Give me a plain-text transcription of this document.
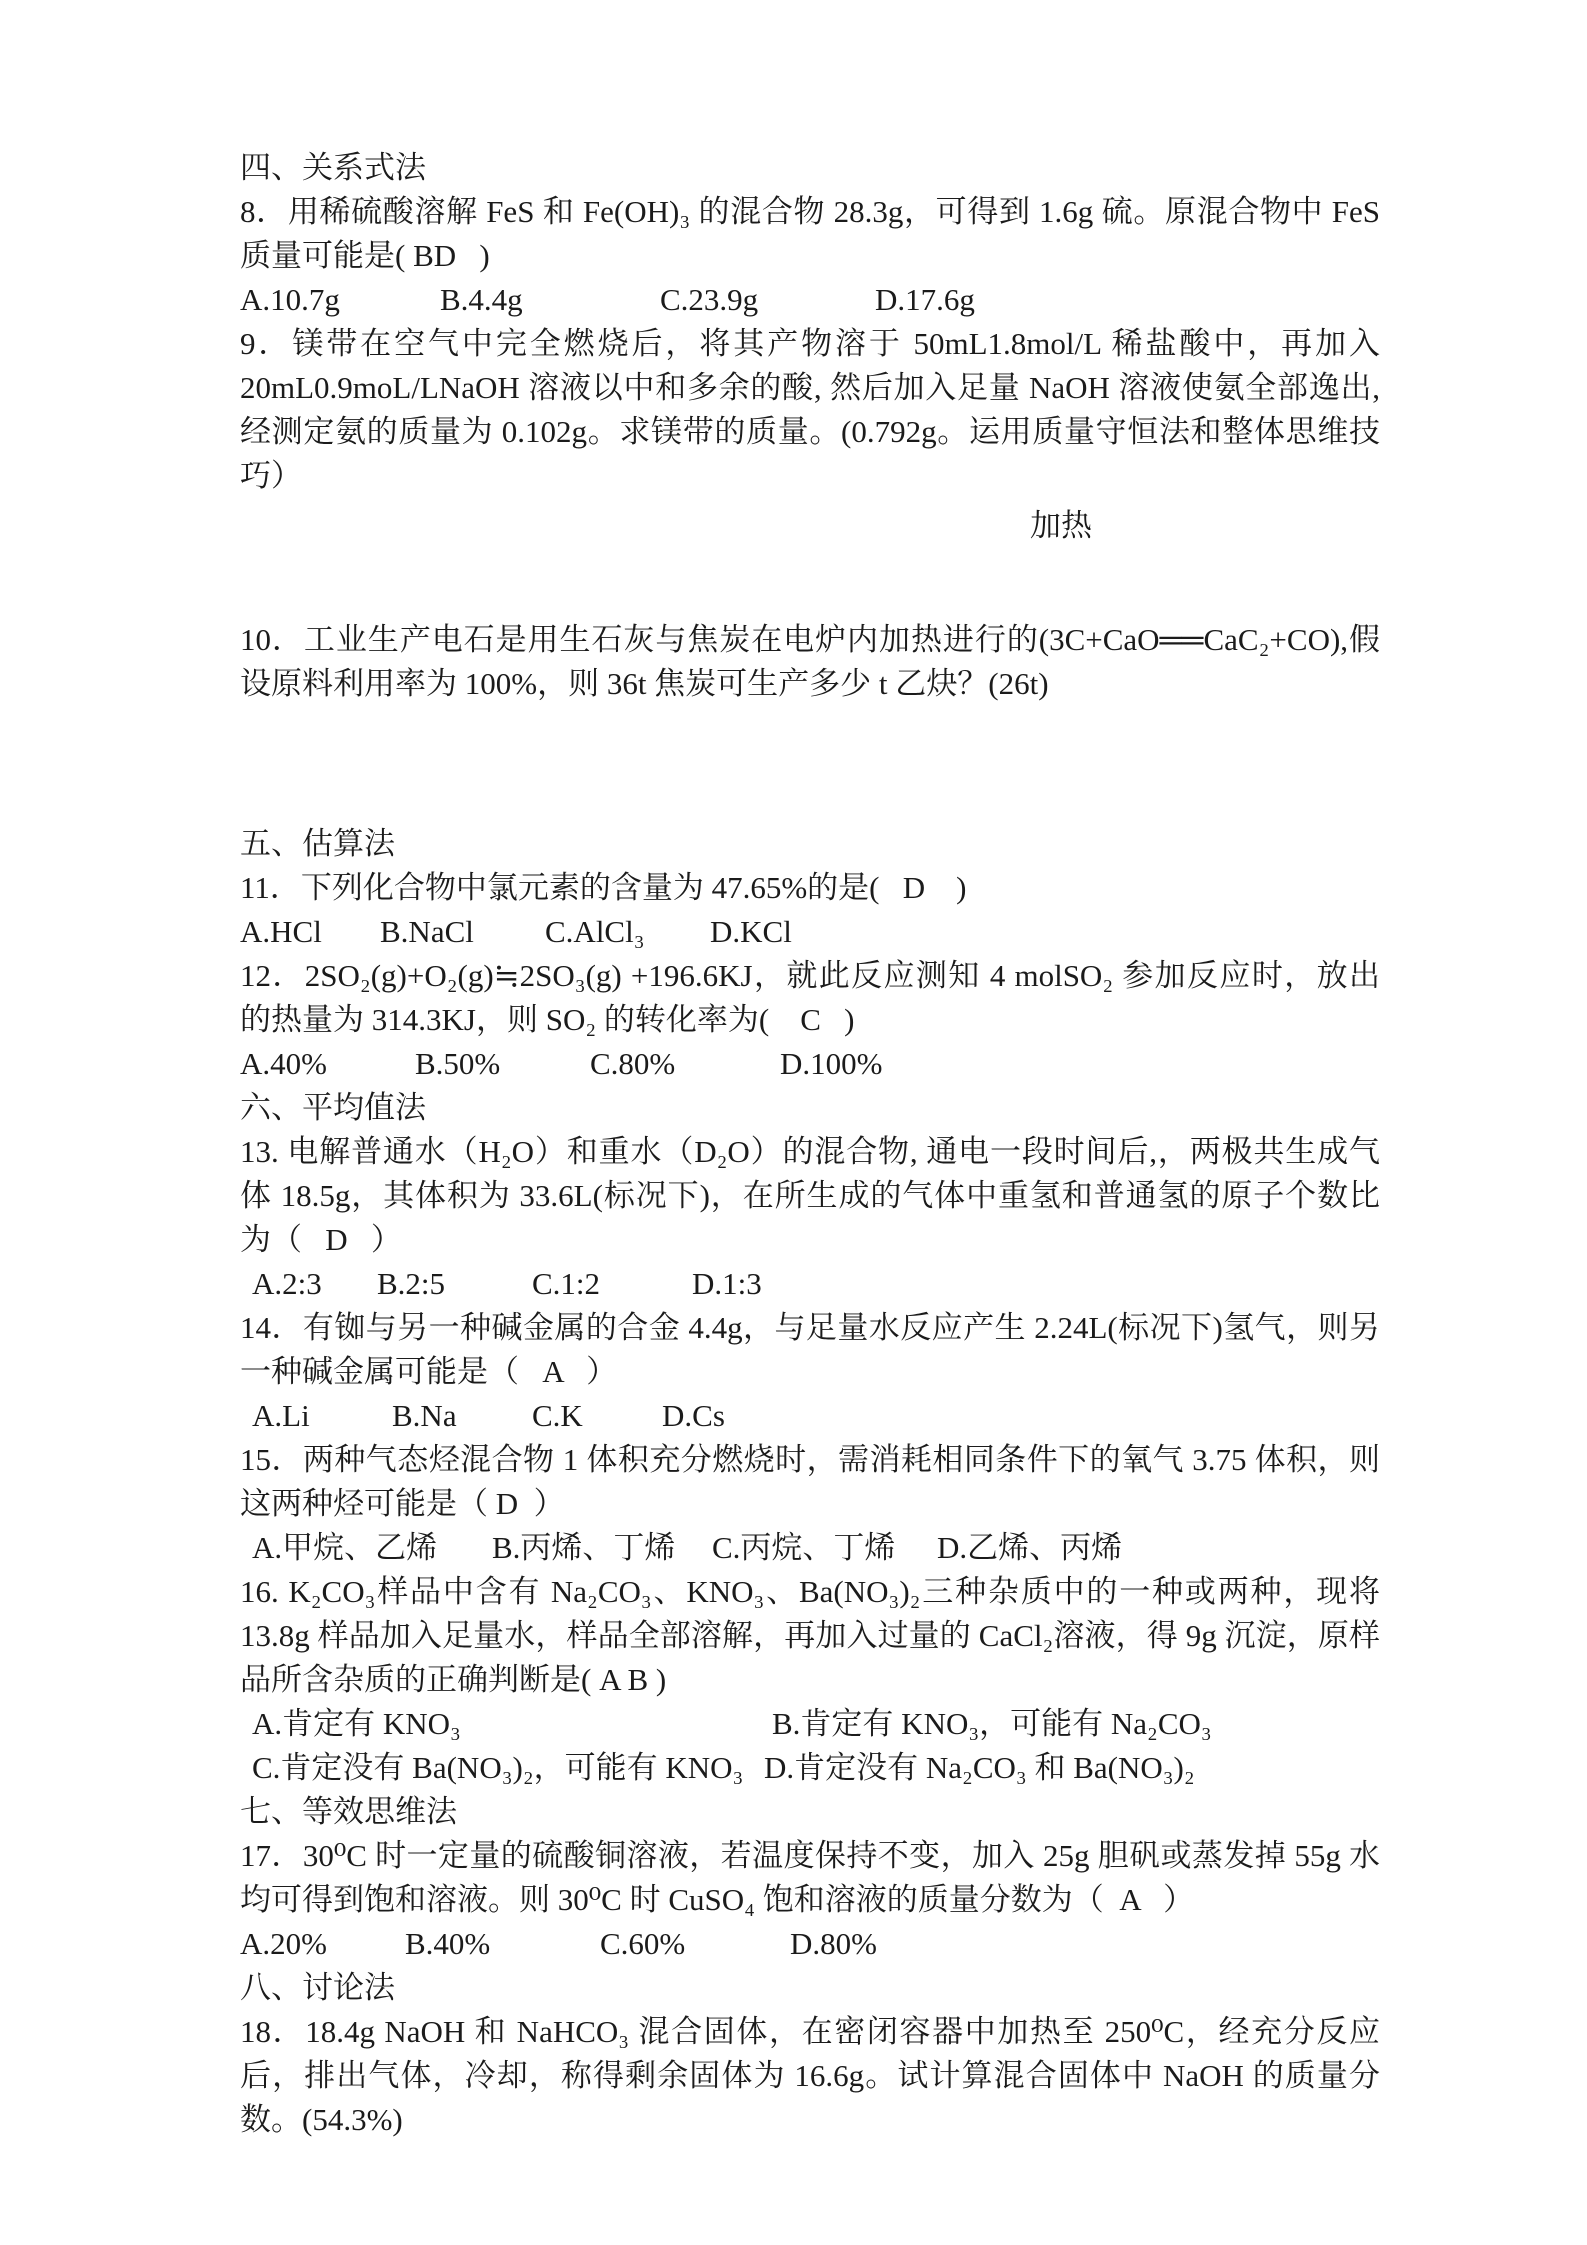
四、关系式法
8．用稀硫酸溶解 FeS 和 Fe(OH)₃ 的混合物 28.3g，可得到 1.6g 硫。原混合物中 FeS 质量可能是( BD   )
A.10.7g	B.4.4g	C.23.9g	D.17.6g
9．镁带在空气中完全燃烧后，将其产物溶于 50mL1.8mol/L 稀盐酸中，再加入 20mL0.9moL/LNaOH 溶液以中和多余的酸, 然后加入足量 NaOH 溶液使氨全部逸出, 经测定氨的质量为 0.102g。求镁带的质量。(0.792g。运用质量守恒法和整体思维技巧）
加热
10．工业生产电石是用生石灰与焦炭在电炉内加热进行的(3C+CaO══CaC₂+CO),假设原料利用率为 100%，则 36t 焦炭可生产多少 t 乙炔？(26t)
五、估算法
11．下列化合物中氯元素的含量为 47.65%的是(   D    )
A.HCl	B.NaCl	C.AlCl₃	D.KCl
12．2SO₂(g)+O₂(g)≒2SO₃(g) +196.6KJ，就此反应测知 4 molSO₂ 参加反应时，放出的热量为 314.3KJ，则 SO₂ 的转化率为(    C   )
A.40%	B.50%	C.80%	D.100%
六、平均值法
13. 电解普通水（H₂O）和重水（D₂O）的混合物, 通电一段时间后,，两极共生成气体 18.5g，其体积为 33.6L(标况下)，在所生成的气体中重氢和普通氢的原子个数比为（   D   ）
A.2:3	B.2:5	C.1:2	D.1:3
14．有铷与另一种碱金属的合金 4.4g，与足量水反应产生 2.24L(标况下)氢气，则另一种碱金属可能是（   A   ）
A.Li	B.Na	C.K	D.Cs
15．两种气态烃混合物 1 体积充分燃烧时，需消耗相同条件下的氧气 3.75 体积，则这两种烃可能是（ D  ）
A.甲烷、乙烯	B.丙烯、丁烯	C.丙烷、丁烯	D.乙烯、丙烯
16. K₂CO₃样品中含有 Na₂CO₃、KNO₃、Ba(NO₃)₂三种杂质中的一种或两种，现将 13.8g 样品加入足量水，样品全部溶解，再加入过量的 CaCl₂溶液，得 9g 沉淀，原样品所含杂质的正确判断是( A B )
A.肯定有 KNO₃	B.肯定有 KNO₃，可能有 Na₂CO₃
C.肯定没有 Ba(NO₃)₂，可能有 KNO₃ D.肯定没有 Na₂CO₃ 和 Ba(NO₃)₂
七、等效思维法
17．30⁰C 时一定量的硫酸铜溶液，若温度保持不变，加入 25g 胆矾或蒸发掉 55g 水均可得到饱和溶液。则 30⁰C 时 CuSO₄ 饱和溶液的质量分数为（  A   ）
A.20%	B.40%	C.60%	D.80%
八、讨论法
18．18.4g NaOH 和 NaHCO₃ 混合固体，在密闭容器中加热至 250⁰C，经充分反应后，排出气体，冷却，称得剩余固体为 16.6g。试计算混合固体中 NaOH 的质量分数。(54.3%)
